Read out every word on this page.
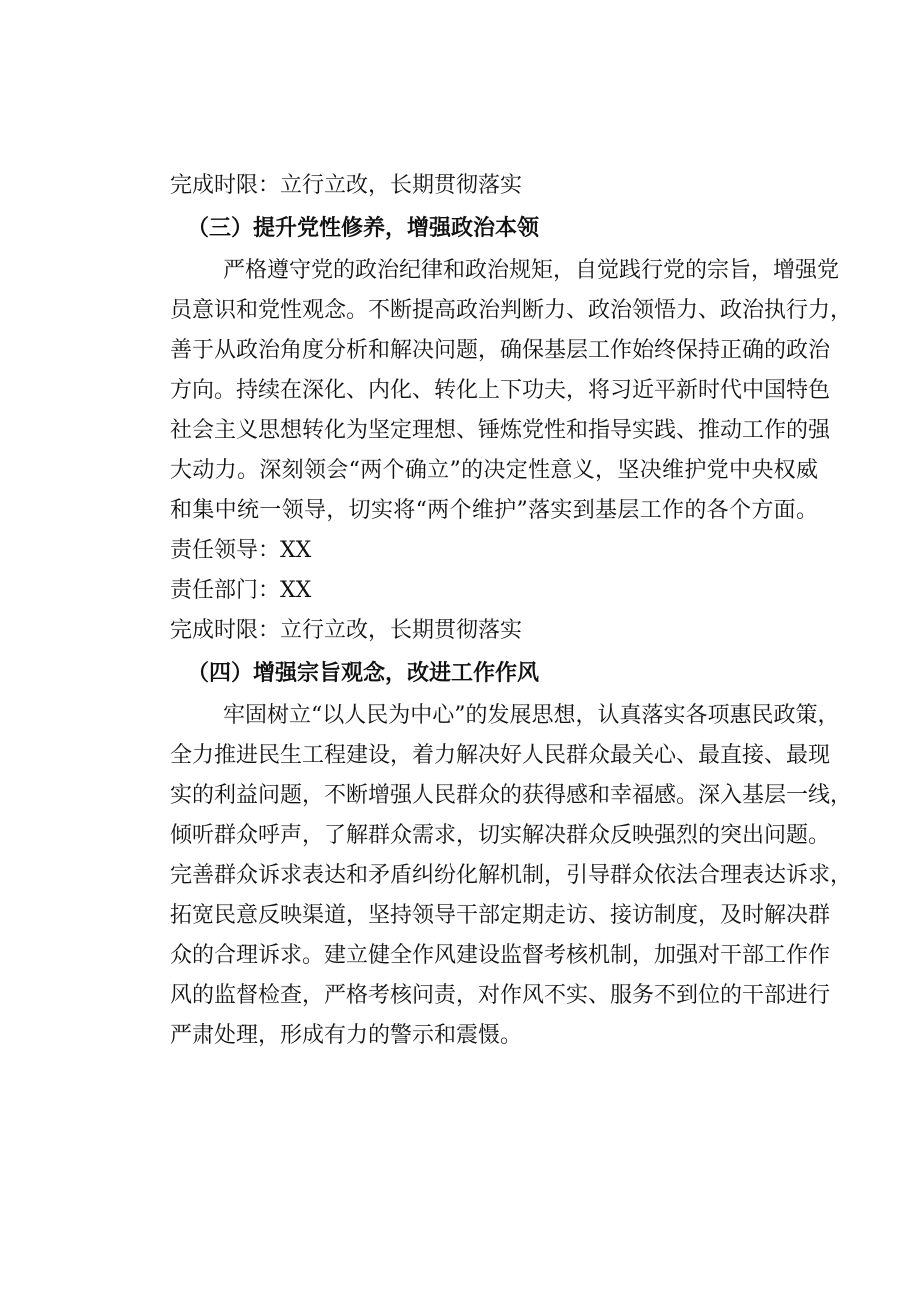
完成时限：立行立改，长期贯彻落实
（三）提升党性修养，增强政治本领
严格遵守党的政治纪律和政治规矩，自觉践行党的宗旨，增强党
员意识和党性观念。不断提高政治判断力、政治领悟力、政治执行力，
善于从政治角度分析和解决问题，确保基层工作始终保持正确的政治
方向。持续在深化、内化、转化上下功夫，将习近平新时代中国特色
社会主义思想转化为坚定理想、锤炼党性和指导实践、推动工作的强
大动力。深刻领会“两个确立”的决定性意义，坚决维护党中央权威
和集中统一领导，切实将“两个维护”落实到基层工作的各个方面。
责任领导：XX
责任部门：XX
完成时限：立行立改，长期贯彻落实
（四）增强宗旨观念，改进工作作风
牢固树立“以人民为中心”的发展思想，认真落实各项惠民政策，
全力推进民生工程建设，着力解决好人民群众最关心、最直接、最现
实的利益问题，不断增强人民群众的获得感和幸福感。深入基层一线，
倾听群众呼声，了解群众需求，切实解决群众反映强烈的突出问题。
完善群众诉求表达和矛盾纠纷化解机制，引导群众依法合理表达诉求，
拓宽民意反映渠道，坚持领导干部定期走访、接访制度，及时解决群
众的合理诉求。建立健全作风建设监督考核机制，加强对干部工作作
风的监督检查，严格考核问责，对作风不实、服务不到位的干部进行
严肃处理，形成有力的警示和震慑。
